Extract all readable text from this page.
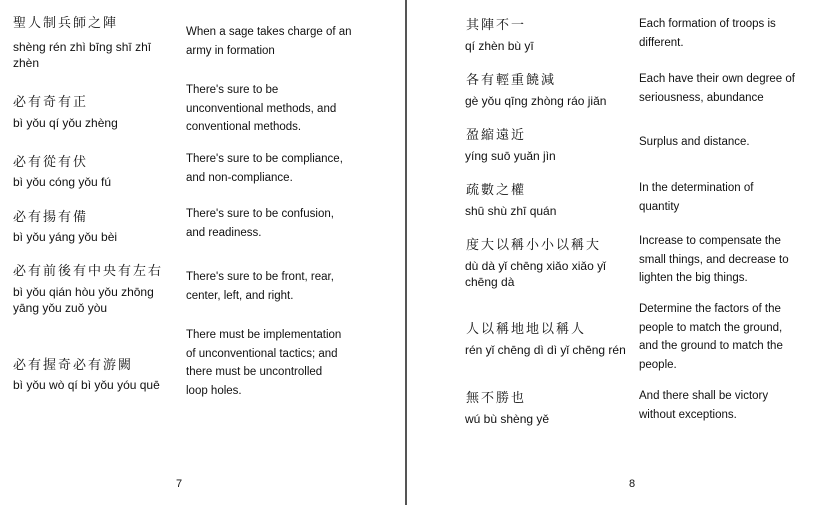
聖人制兵師之陣
shèng rén zhì bīng shī zhī zhèn
When a sage takes charge of an army in formation
必有奇有正
bì yǒu qí yǒu zhèng
There's sure to be unconventional methods, and conventional methods.
必有從有伏
bì yǒu cóng yǒu fú
There's sure to be compliance, and non-compliance.
必有揚有備
bì yǒu yáng yǒu bèi
There's sure to be confusion, and readiness.
必有前後有中央有左右
bì yǒu qián hòu yǒu zhōng yāng yǒu zuǒ yòu
There's sure to be front, rear, center, left, and right.
必有握奇必有游闕
bì yǒu wò qí bì yǒu yóu quē
There must be implementation of unconventional tactics; and there must be uncontrolled loop holes.
7
其陣不一
qí zhèn bù yī
Each formation of troops is different.
各有輕重饒減
gè yǒu qīng zhòng ráo jiǎn
Each have their own degree of seriousness, abundance
盈縮遠近
yíng suō yuǎn jìn
Surplus and distance.
疏數之權
shū shù zhī quán
In the determination of quantity
度大以稱小小以稱大
dù dà yǐ chēng xiǎo xiǎo yǐ chēng dà
Increase to compensate the small things, and decrease to lighten the big things.
人以稱地地以稱人
rén yǐ chēng dì dì yǐ chēng rén
Determine the factors of the people to match the ground, and the ground to match the people.
無不勝也
wú bù shèng yě
And there shall be victory without exceptions.
8
